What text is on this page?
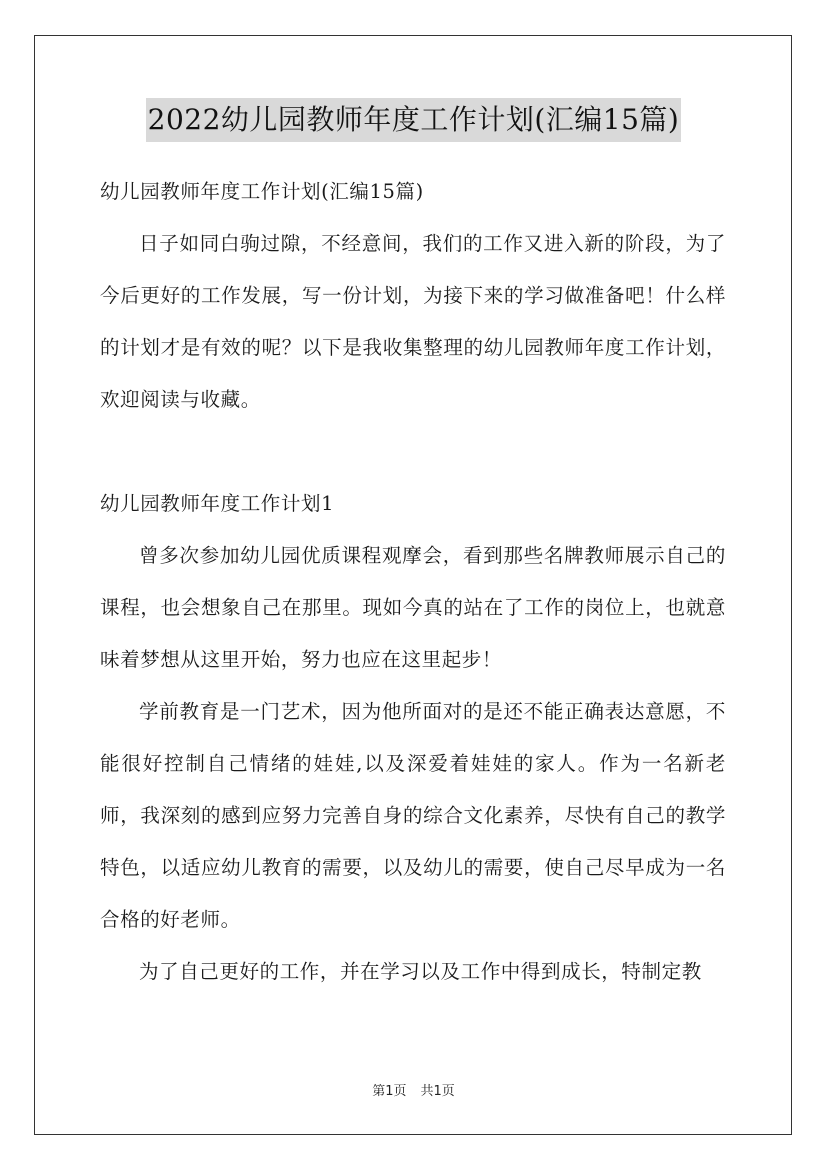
2022幼儿园教师年度工作计划(汇编15篇)

幼儿园教师年度工作计划(汇编15篇)

日子如同白驹过隙，不经意间，我们的工作又进入新的阶段，为了今后更好的工作发展，写一份计划，为接下来的学习做准备吧！什么样的计划才是有效的呢？以下是我收集整理的幼儿园教师年度工作计划，欢迎阅读与收藏。

幼儿园教师年度工作计划1

曾多次参加幼儿园优质课程观摩会，看到那些名牌教师展示自己的课程，也会想象自己在那里。现如今真的站在了工作的岗位上，也就意味着梦想从这里开始，努力也应在这里起步！

学前教育是一门艺术，因为他所面对的是还不能正确表达意愿，不能很好控制自己情绪的娃娃,以及深爱着娃娃的家人。作为一名新老师，我深刻的感到应努力完善自身的综合文化素养，尽快有自己的教学特色，以适应幼儿教育的需要，以及幼儿的需要，使自己尽早成为一名合格的好老师。

为了自己更好的工作，并在学习以及工作中得到成长，特制定教

第1页 共1页
